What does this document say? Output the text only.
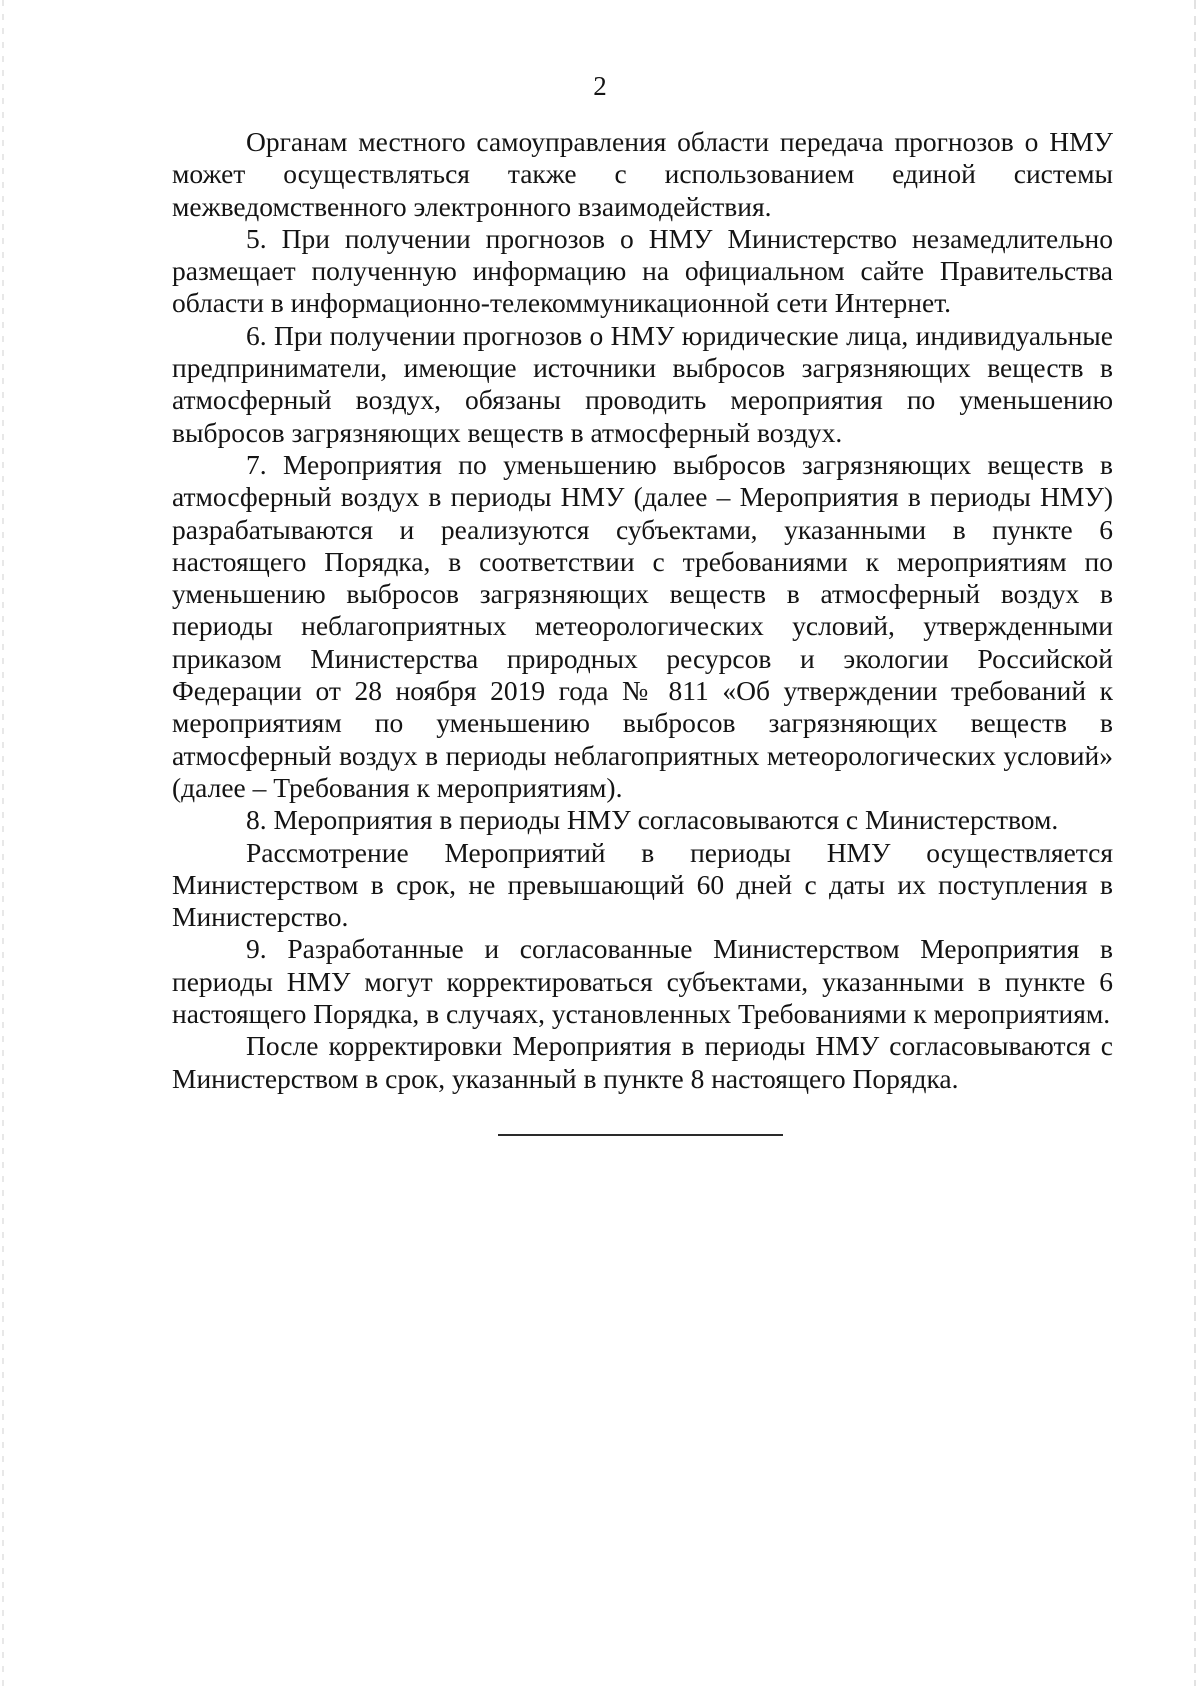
2

Органам местного самоуправления области передача прогнозов о НМУ может осуществляться также с использованием единой системы межведомственного электронного взаимодействия.

5. При получении прогнозов о НМУ Министерство незамедлительно размещает полученную информацию на официальном сайте Правительства области в информационно-телекоммуникационной сети Интернет.

6. При получении прогнозов о НМУ юридические лица, индивидуальные предприниматели, имеющие источники выбросов загрязняющих веществ в атмосферный воздух, обязаны проводить мероприятия по уменьшению выбросов загрязняющих веществ в атмосферный воздух.

7. Мероприятия по уменьшению выбросов загрязняющих веществ в атмосферный воздух в периоды НМУ (далее – Мероприятия в периоды НМУ) разрабатываются и реализуются субъектами, указанными в пункте 6 настоящего Порядка, в соответствии с требованиями к мероприятиям по уменьшению выбросов загрязняющих веществ в атмосферный воздух в периоды неблагоприятных метеорологических условий, утвержденными приказом Министерства природных ресурсов и экологии Российской Федерации от 28 ноября 2019 года № 811 «Об утверждении требований к мероприятиям по уменьшению выбросов загрязняющих веществ в атмосферный воздух в периоды неблагоприятных метеорологических условий» (далее – Требования к мероприятиям).

8. Мероприятия в периоды НМУ согласовываются с Министерством.

Рассмотрение Мероприятий в периоды НМУ осуществляется Министерством в срок, не превышающий 60 дней с даты их поступления в Министерство.

9. Разработанные и согласованные Министерством Мероприятия в периоды НМУ могут корректироваться субъектами, указанными в пункте 6 настоящего Порядка, в случаях, установленных Требованиями к мероприятиям.

После корректировки Мероприятия в периоды НМУ согласовываются с Министерством в срок, указанный в пункте 8 настоящего Порядка.
